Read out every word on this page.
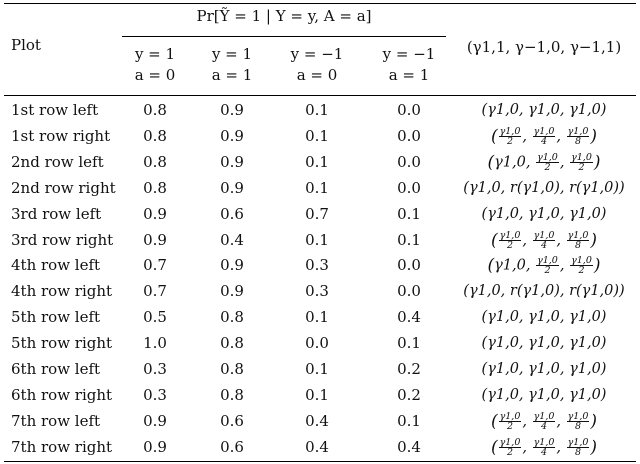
Plot
Pr[Ỹ = 1 | Y = y, A = a]
(γ1,1, γ−1,0, γ−1,1)
y = 1
a = 0
y = 1
a = 1
y = −1
a = 0
y = −1
a = 1
1st row left	0.8	0.9	0.1	0.0	(γ1,0, γ1,0, γ1,0)
1st row right	0.8	0.9	0.1	0.0	( $\frac{\gamma 1,0}{2}$ , $\frac{\gamma 1,0}{4}$ , $\frac{\gamma 1,0}{8}$ )
2nd row left	0.8	0.9	0.1	0.0	(γ1,0, $\frac{\gamma 1,0}{2}$ , $\frac{\gamma 1,0}{2}$ )
2nd row right	0.8	0.9	0.1	0.0	(γ1,0, r(γ1,0), r(γ1,0))
3rd row left	0.9	0.6	0.7	0.1	(γ1,0, γ1,0, γ1,0)
3rd row right	0.9	0.4	0.1	0.1	( $\frac{\gamma 1,0}{2}$ , $\frac{\gamma 1,0}{4}$ , $\frac{\gamma 1,0}{8}$ )
4th row left	0.7	0.9	0.3	0.0	(γ1,0, $\frac{\gamma 1,0}{2}$ , $\frac{\gamma 1,0}{2}$ )
4th row right	0.7	0.9	0.3	0.0	(γ1,0, r(γ1,0), r(γ1,0))
5th row left	0.5	0.8	0.1	0.4	(γ1,0, γ1,0, γ1,0)
5th row right	1.0	0.8	0.0	0.1	(γ1,0, γ1,0, γ1,0)
6th row left	0.3	0.8	0.1	0.2	(γ1,0, γ1,0, γ1,0)
6th row right	0.3	0.8	0.1	0.2	(γ1,0, γ1,0, γ1,0)
7th row left	0.9	0.6	0.4	0.1	( $\frac{\gamma 1,0}{2}$ , $\frac{\gamma 1,0}{4}$ , $\frac{\gamma 1,0}{8}$ )
7th row right	0.9	0.6	0.4	0.4	( $\frac{\gamma 1,0}{2}$ , $\frac{\gamma 1,0}{4}$ , $\frac{\gamma 1,0}{8}$ )
